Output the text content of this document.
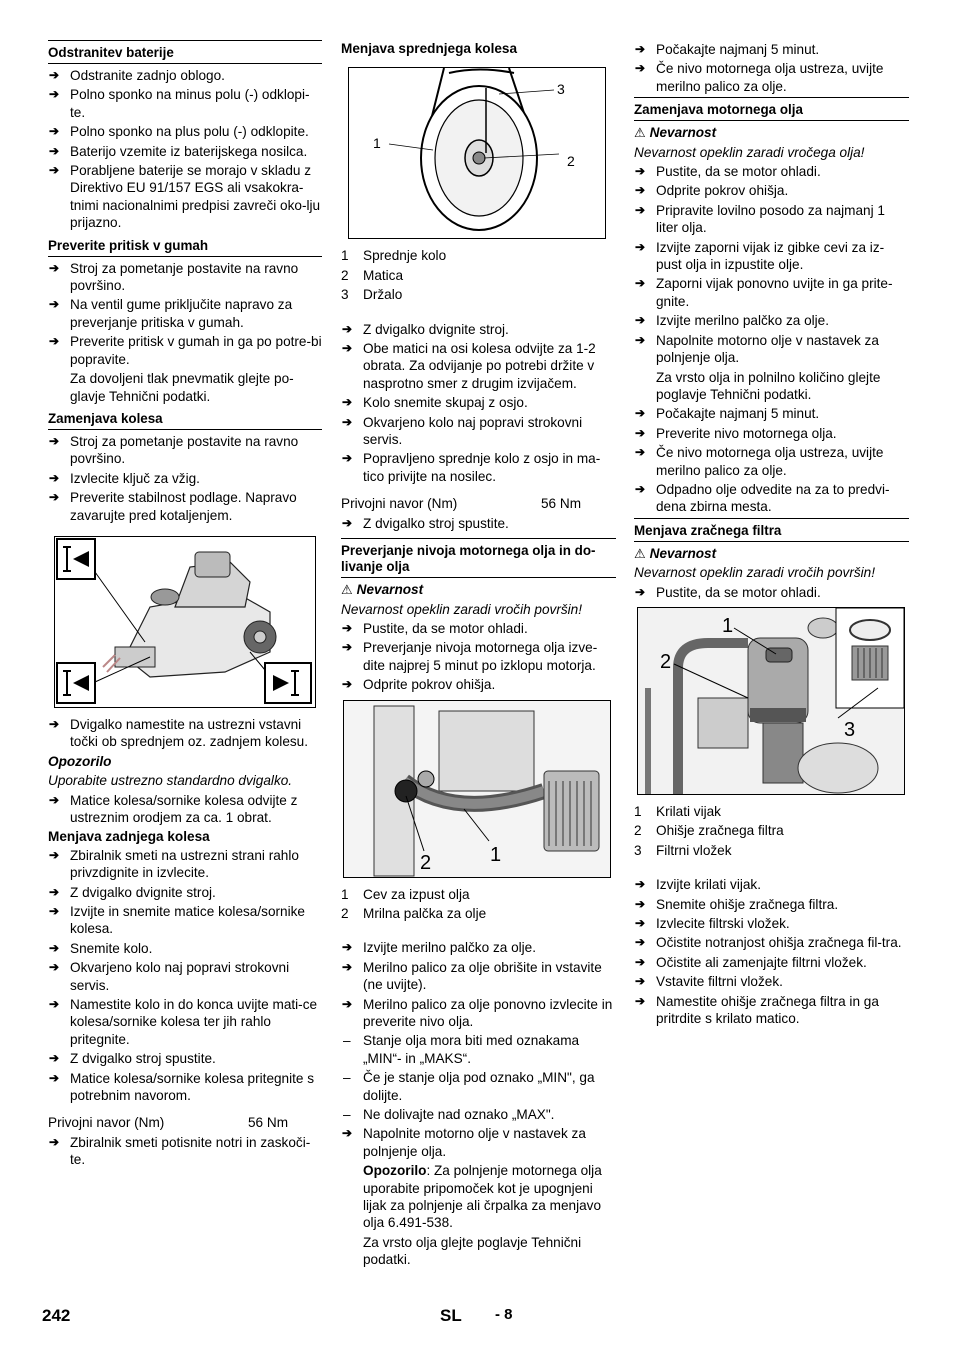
Odstranitev baterije
➔ Odstranite zadnjo oblogo.
➔ Polno sponko na minus polu (-) odklopi-te.
➔ Polno sponko na plus polu (-) odklopite.
➔ Baterijo vzemite iz baterijskega nosilca.
➔ Porabljene baterije se morajo v skladu z Direktivo EU 91/157 EGS ali vsakokra-tnimi nacionalnimi predpisi zavreči oko-lju prijazno.
Preverite pritisk v gumah
➔ Stroj za pometanje postavite na ravno površino.
➔ Na ventil gume priključite napravo za preverjanje pritiska v gumah.
➔ Preverite pritisk v gumah in ga po potre-bi popravite.
Za dovoljeni tlak pnevmatik glejte po-glavje Tehnični podatki.
Zamenjava kolesa
➔ Stroj za pometanje postavite na ravno površino.
➔ Izvlecite ključ za vžig.
➔ Preverite stabilnost podlage. Napravo zavarujte pred kotaljenjem.
➔ Dvigalko namestite na ustrezni vstavni točki ob sprednjem oz. zadnjem kolesu.
Opozorilo
Uporabite ustrezno standardno dvigalko.
➔ Matice kolesa/sornike kolesa odvijte z ustreznim orodjem za ca. 1 obrat.
Menjava zadnjega kolesa
➔ Zbiralnik smeti na ustrezni strani rahlo privzdignite in izvlecite.
➔ Z dvigalko dvignite stroj.
➔ Izvijte in snemite matice kolesa/sornike kolesa.
➔ Snemite kolo.
➔ Okvarjeno kolo naj popravi strokovni servis.
➔ Namestite kolo in do konca uvijte mati-ce kolesa/sornike kolesa ter jih rahlo pritegnite.
➔ Z dvigalko stroj spustite.
➔ Matice kolesa/sornike kolesa pritegnite s potrebnim navorom.
Privojni navor (Nm)	56 Nm
➔ Zbiralnik smeti potisnite notri in zaskoči-te.
Menjava sprednjega kolesa
1
2
3
1	Sprednje kolo
2	Matica
3	Držalo
➔ Z dvigalko dvignite stroj.
➔ Obe matici na osi kolesa odvijte za 1-2 obrata. Za odvijanje po potrebi držite v nasprotno smer z drugim izvijačem.
➔ Kolo snemite skupaj z osjo.
➔ Okvarjeno kolo naj popravi strokovni servis.
➔ Popravljeno sprednje kolo z osjo in ma-tico privijte na nosilec.
Privojni navor (Nm)	56 Nm
➔ Z dvigalko stroj spustite.
Preverjanje nivoja motornega olja in do-livanje olja
⚠ Nevarnost
Nevarnost opeklin zaradi vročih površin!
➔ Pustite, da se motor ohladi.
➔ Preverjanje nivoja motornega olja izve-dite najprej 5 minut po izklopu motorja.
➔ Odprite pokrov ohišja.
2	1
1	Cev za izpust olja
2	Mrilna palčka za olje
➔ Izvijte merilno palčko za olje.
➔ Merilno palico za olje obrišite in vstavite (ne uvijte).
➔ Merilno palico za olje ponovno izvlecite in preverite nivo olja.
– Stanje olja mora biti med oznakama „MIN“- in „MAKS“.
– Če je stanje olja pod oznako „MIN", ga dolijte.
– Ne dolivajte nad oznako „MAX".
➔ Napolnite motorno olje v nastavek za polnjenje olja.
Opozorilo: Za polnjenje motornega olja uporabite pripomoček kot je upognjeni lijak za polnjenje ali črpalka za menjavo olja 6.491-538.
Za vrsto olja glejte poglavje Tehnični podatki.
➔ Počakajte najmanj 5 minut.
➔ Če nivo motornega olja ustreza, uvijte merilno palico za olje.
Zamenjava motornega olja
⚠ Nevarnost
Nevarnost opeklin zaradi vročega olja!
➔ Pustite, da se motor ohladi.
➔ Odprite pokrov ohišja.
➔ Pripravite lovilno posodo za najmanj 1 liter olja.
➔ Izvijte zaporni vijak iz gibke cevi za iz-pust olja in izpustite olje.
➔ Zaporni vijak ponovno uvijte in ga prite-gnite.
➔ Izvijte merilno palčko za olje.
➔ Napolnite motorno olje v nastavek za polnjenje olja.
Za vrsto olja in polnilno količino glejte poglavje Tehnični podatki.
➔ Počakajte najmanj 5 minut.
➔ Preverite nivo motornega olja.
➔ Če nivo motornega olja ustreza, uvijte merilno palico za olje.
➔ Odpadno olje odvedite na za to predvi-dena zbirna mesta.
Menjava zračnega filtra
⚠ Nevarnost
Nevarnost opeklin zaradi vročih površin!
➔ Pustite, da se motor ohladi.
1
2
3
1	Krilati vijak
2	Ohišje zračnega filtra
3	Filtrni vložek
➔ Izvijte krilati vijak.
➔ Snemite ohišje zračnega filtra.
➔ Izvlecite filtrski vložek.
➔ Očistite notranjost ohišja zračnega fil-tra.
➔ Očistite ali zamenjajte filtrni vložek.
➔ Vstavite filtrni vložek.
➔ Namestite ohišje zračnega filtra in ga pritrdite s krilato matico.
242	SL - 8
